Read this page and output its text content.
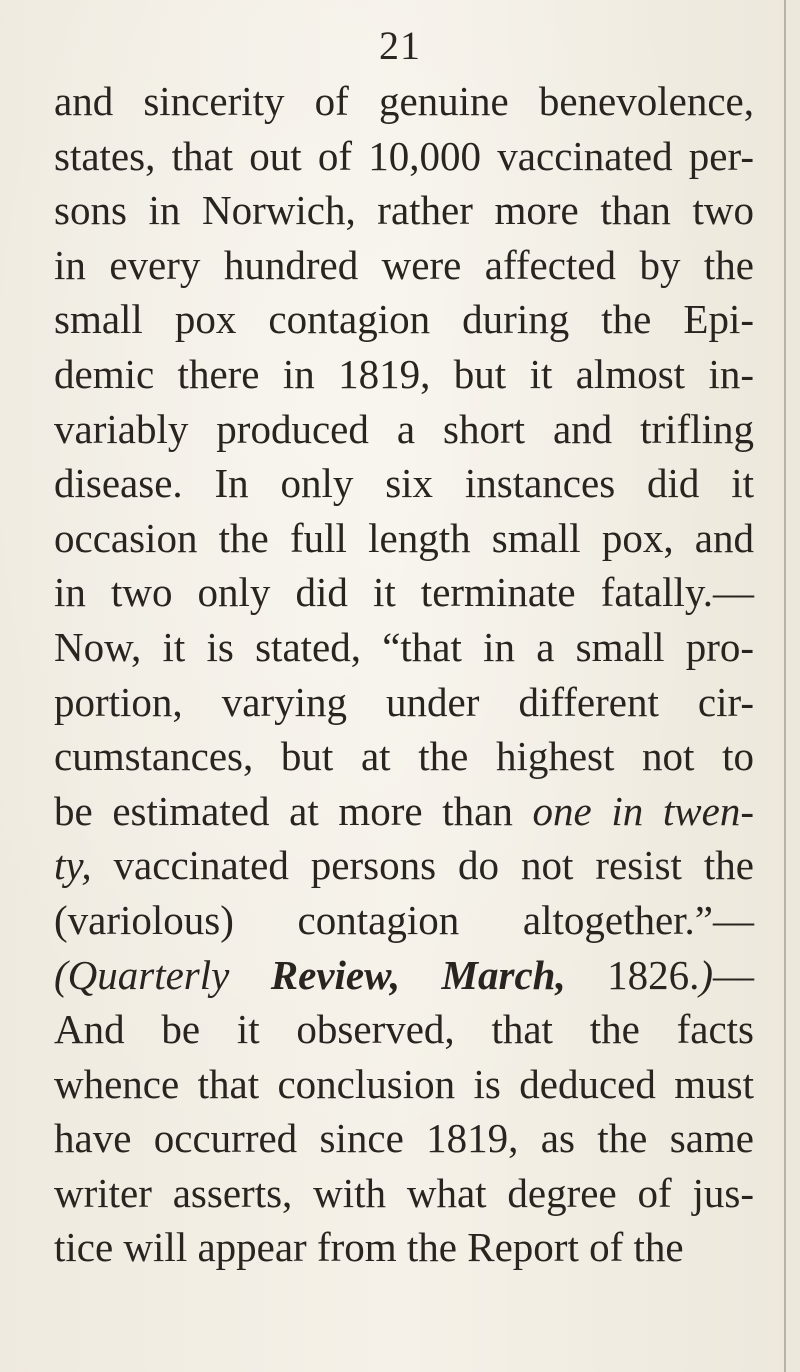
21
and sincerity of genuine benevolence,
states, that out of 10,000 vaccinated per-
sons in Norwich, rather more than two
in every hundred were affected by the
small pox contagion during the Epi-
demic there in 1819, but it almost in-
variably produced a short and trifling
disease. In only six instances did it
occasion the full length small pox, and
in two only did it terminate fatally.—
Now, it is stated, “that in a small pro-
portion, varying under different cir-
cumstances, but at the highest not to
be estimated at more than one in twen-
ty, vaccinated persons do not resist the
(variolous) contagion altogether.”—
(Quarterly Review, March, 1826.)—
And be it observed, that the facts
whence that conclusion is deduced must
have occurred since 1819, as the same
writer asserts, with what degree of jus-
tice will appear from the Report of the
